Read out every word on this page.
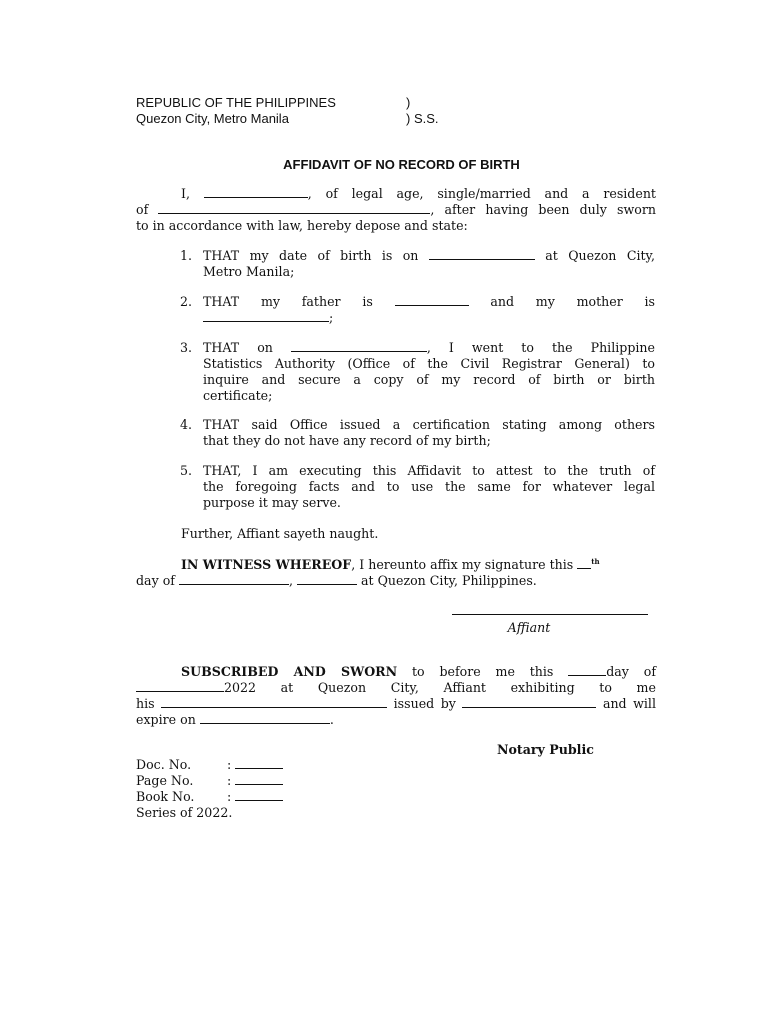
REPUBLIC OF THE PHILIPPINES	)
Quezon City, Metro Manila	) S.S.
AFFIDAVIT OF NO RECORD OF BIRTH
I,	, of legal age, single/married and a resident
of	, after having been duly sworn
to in accordance with law, hereby depose and state:
1. THAT my date of birth is on	at Quezon City,
Metro Manila;
2. THAT my father is	and my mother is
;
3. THAT on	, I went to the Philippine
Statistics Authority (Office of the Civil Registrar General) to
inquire and secure a copy of my record of birth or birth
certificate;
4. THAT said Office issued a certification stating among others
that they do not have any record of my birth;
5. THAT, I am executing this Affidavit to attest to the truth of
the foregoing facts and to use the same for whatever legal
purpose it may serve.
Further, Affiant sayeth naught.
IN WITNESS WHEREOF, I hereunto affix my signature this	$^{th}$
day of	,	at Quezon City, Philippines.
Affiant
SUBSCRIBED AND SWORN to before me this	day of
2022 at Quezon City, Affiant exhibiting to me
his	issued by	and will
expire on	.
Notary Public
Doc. No.	:
Page No.	:
Book No.	:
Series of 2022.
